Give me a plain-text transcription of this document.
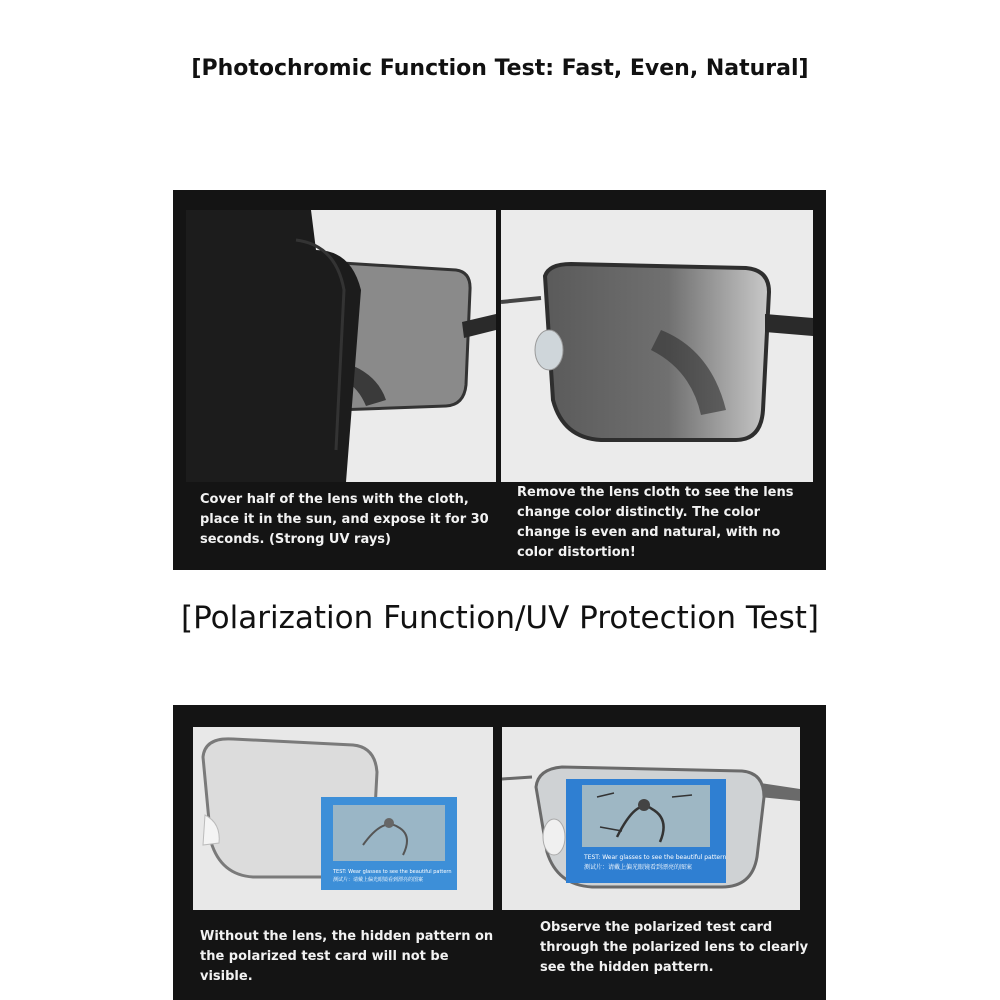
[Photochromic Function Test: Fast, Even, Natural]
Cover half of the lens with the cloth, place it in the sun, and expose it for 30 seconds. (Strong UV rays)
Remove the lens cloth to see the lens change color distinctly. The color change is even and natural, with no color distortion!
[Polarization Function/UV Protection Test]
TEST: Wear glasses to see the beautiful pattern
测试片：请戴上偏光眼镜看到漂亮的图案
Without the lens, the hidden pattern on the polarized test card will not be visible.
TEST: Wear glasses to see the beautiful pattern
测试片：请戴上偏光眼镜看到漂亮的图案
Observe the polarized test card through the polarized lens to clearly see the hidden pattern.
